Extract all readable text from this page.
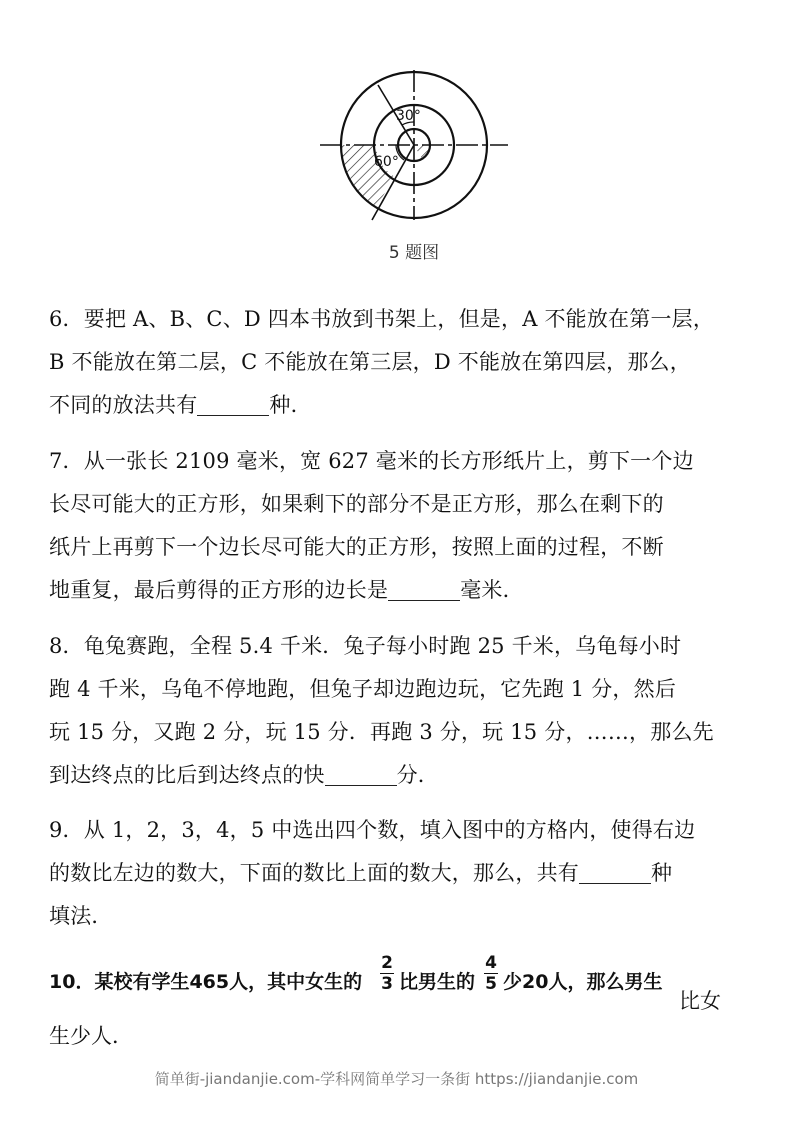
30°
60°
5 题图
6．要把 A、B、C、D 四本书放到书架上，但是，A 不能放在第一层，
B 不能放在第二层，C 不能放在第三层，D 不能放在第四层，那么，
不同的放法共有	种．
7．从一张长 2109 毫米，宽 627 毫米的长方形纸片上，剪下一个边
长尽可能大的正方形，如果剩下的部分不是正方形，那么在剩下的
纸片上再剪下一个边长尽可能大的正方形，按照上面的过程，不断
地重复，最后剪得的正方形的边长是	毫米．
8．龟兔赛跑，全程 5.4 千米．兔子每小时跑 25 千米，乌龟每小时
跑 4 千米，乌龟不停地跑，但兔子却边跑边玩，它先跑 1 分，然后
玩 15 分，又跑 2 分，玩 15 分．再跑 3 分，玩 15 分，……，那么先
到达终点的比后到达终点的快	分．
9．从 1，2，3，4，5 中选出四个数，填入图中的方格内，使得右边
的数比左边的数大，下面的数比上面的数大，那么，共有	种
填法．
10．某校有学生465人，其中女生的
2
3 比男生的
4
5 少20人，那么男生
比女
生少人．
简单街-jiandanjie.com-学科网简单学习一条街 https://jiandanjie.com
